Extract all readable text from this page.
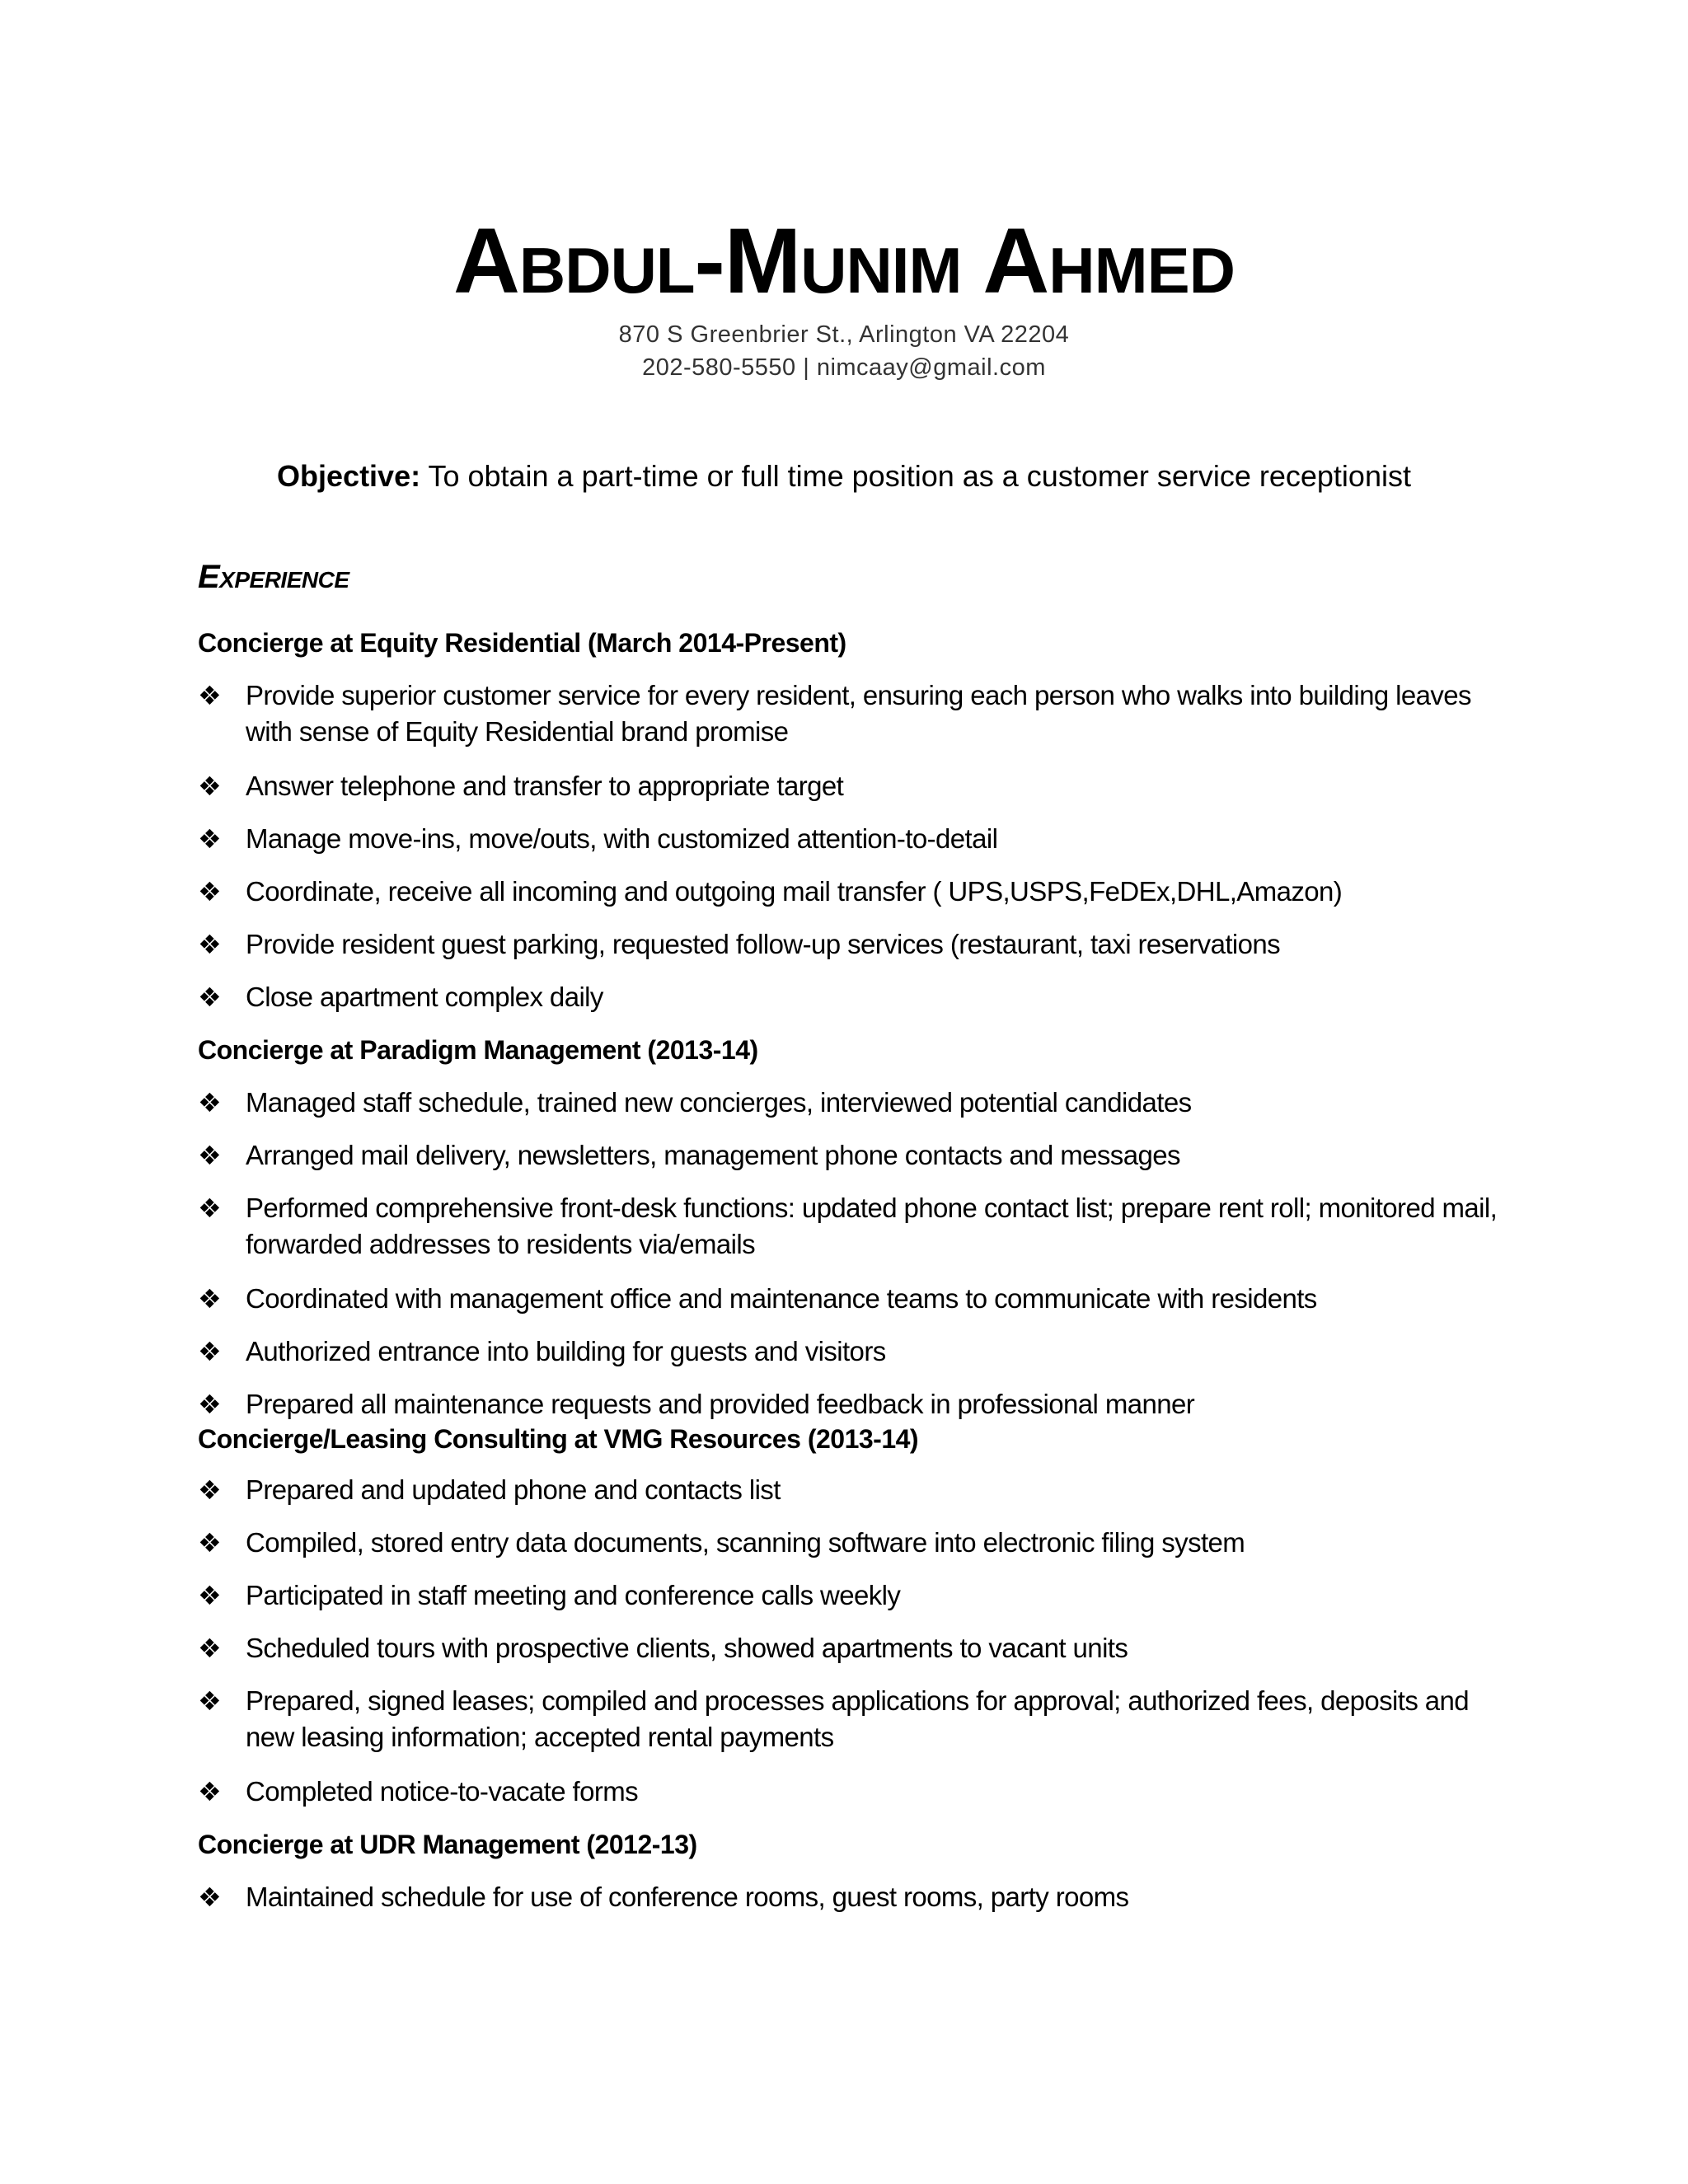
Abdul-Munim Ahmed
870 S Greenbrier St., Arlington VA 22204
202-580-5550 | nimcaay@gmail.com
Objective: To obtain a part-time or full time position as a customer service receptionist
Experience
Concierge at Equity Residential (March 2014-Present)
❖ Provide superior customer service for every resident, ensuring each person who walks into building leaves with sense of Equity Residential brand promise
❖ Answer telephone and transfer to appropriate target
❖ Manage move-ins, move/outs, with customized attention-to-detail
❖ Coordinate, receive all incoming and outgoing mail transfer ( UPS,USPS,FeDEx,DHL,Amazon)
❖ Provide resident guest parking, requested follow-up services (restaurant, taxi reservations
❖ Close apartment complex daily
Concierge at Paradigm Management (2013-14)
❖ Managed staff schedule, trained new concierges, interviewed potential candidates
❖ Arranged mail delivery, newsletters, management phone contacts and messages
❖ Performed comprehensive front-desk functions: updated phone contact list; prepare rent roll; monitored mail, forwarded addresses to residents via/emails
❖ Coordinated with management office and maintenance teams to communicate with residents
❖ Authorized entrance into building for guests and visitors
❖ Prepared all maintenance requests and provided feedback in professional manner
Concierge/Leasing Consulting at VMG Resources (2013-14)
❖ Prepared and updated phone and contacts list
❖ Compiled, stored entry data documents, scanning software into electronic filing system
❖ Participated in staff meeting and conference calls weekly
❖ Scheduled tours with prospective clients, showed apartments to vacant units
❖ Prepared, signed leases; compiled and processes applications for approval; authorized fees, deposits and new leasing information; accepted rental payments
❖ Completed notice-to-vacate forms
Concierge at UDR Management (2012-13)
❖ Maintained schedule for use of conference rooms, guest rooms, party rooms
